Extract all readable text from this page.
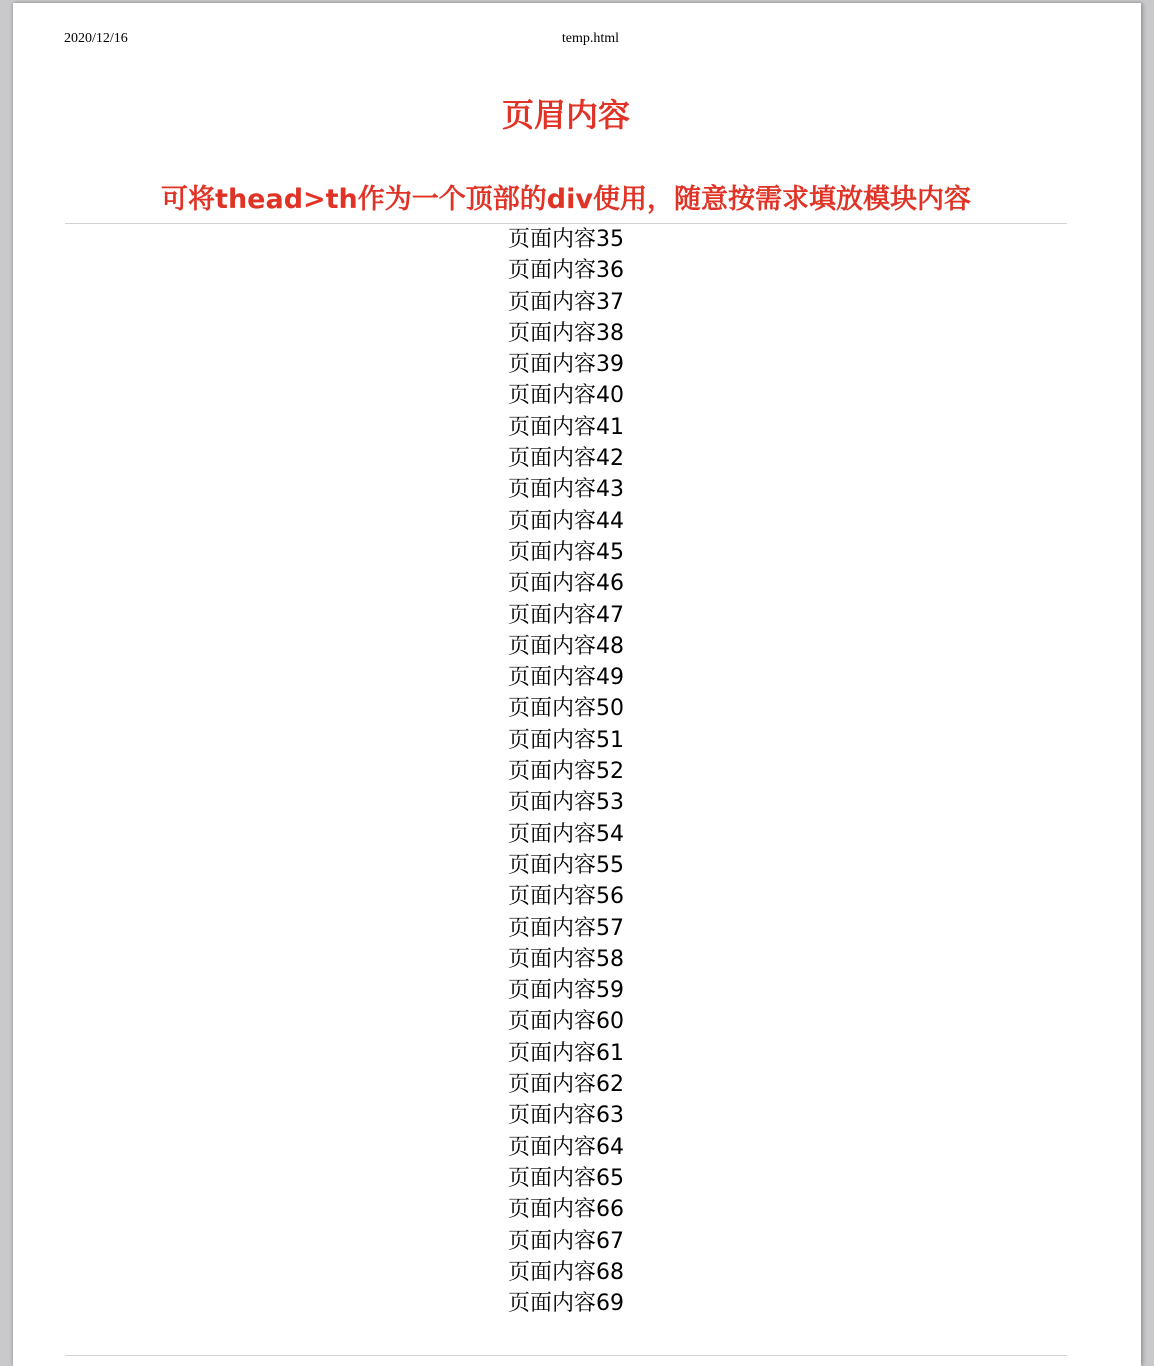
2020/12/16	temp.html
页眉内容
可将thead>th作为一个顶部的div使用，随意按需求填放模块内容
页面内容35
页面内容36
页面内容37
页面内容38
页面内容39
页面内容40
页面内容41
页面内容42
页面内容43
页面内容44
页面内容45
页面内容46
页面内容47
页面内容48
页面内容49
页面内容50
页面内容51
页面内容52
页面内容53
页面内容54
页面内容55
页面内容56
页面内容57
页面内容58
页面内容59
页面内容60
页面内容61
页面内容62
页面内容63
页面内容64
页面内容65
页面内容66
页面内容67
页面内容68
页面内容69
